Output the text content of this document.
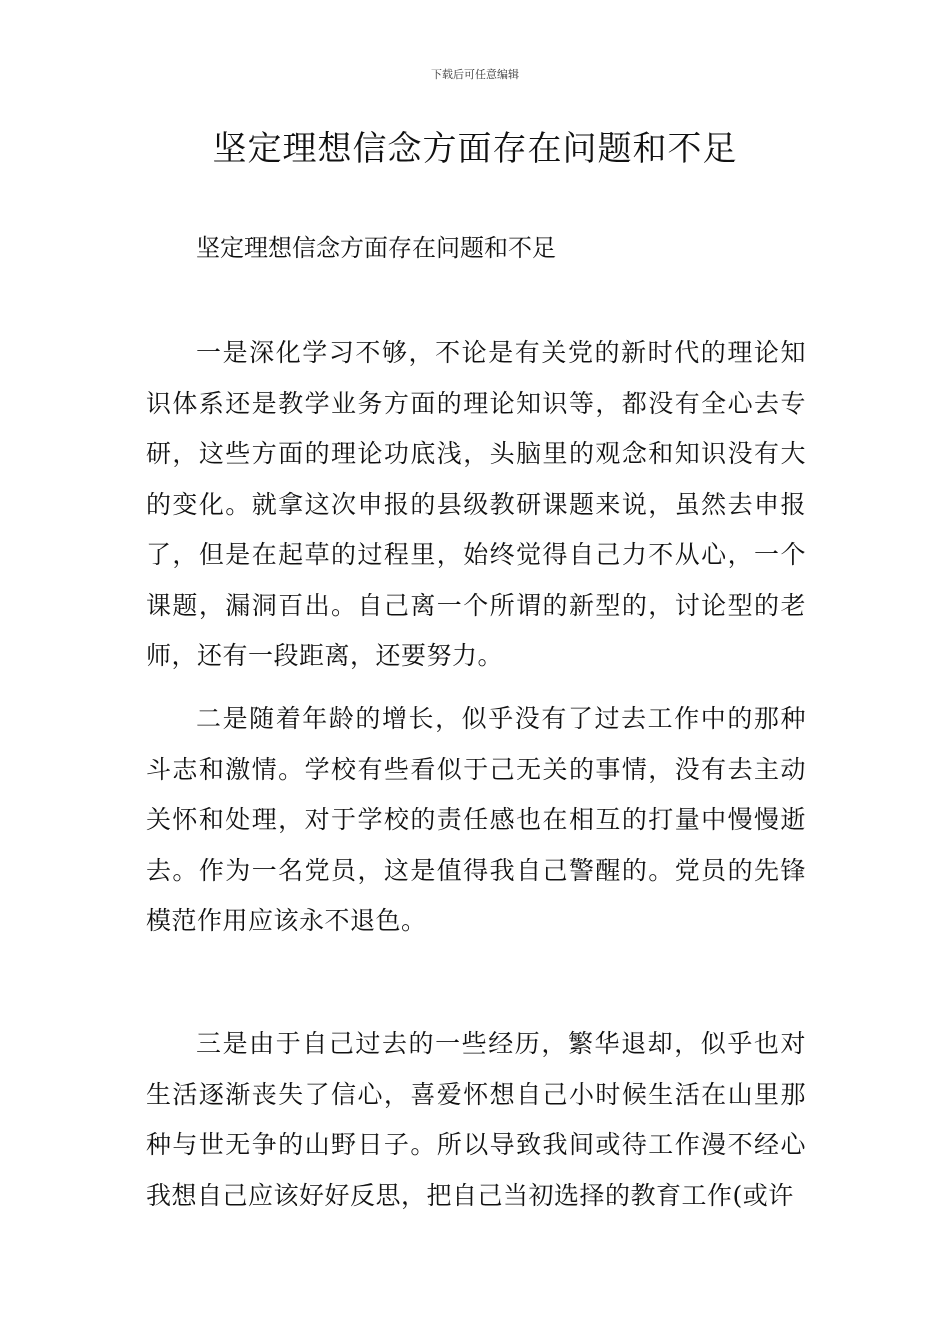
下载后可任意编辑
坚定理想信念方面存在问题和不足
坚定理想信念方面存在问题和不足

一是深化学习不够，不论是有关党的新时代的理论知识体系还是教学业务方面的理论知识等，都没有全心去专研，这些方面的理论功底浅，头脑里的观念和知识没有大的变化。就拿这次申报的县级教研课题来说，虽然去申报了，但是在起草的过程里，始终觉得自己力不从心，一个课题，漏洞百出。自己离一个所谓的新型的，讨论型的老师，还有一段距离，还要努力。

二是随着年龄的增长，似乎没有了过去工作中的那种斗志和激情。学校有些看似于己无关的事情，没有去主动关怀和处理，对于学校的责任感也在相互的打量中慢慢逝去。作为一名党员，这是值得我自己警醒的。党员的先锋模范作用应该永不退色。

三是由于自己过去的一些经历，繁华退却，似乎也对生活逐渐丧失了信心，喜爱怀想自己小时候生活在山里那种与世无争的山野日子。所以导致我间或待工作漫不经心我想自己应该好好反思，把自己当初选择的教育工作(或许
